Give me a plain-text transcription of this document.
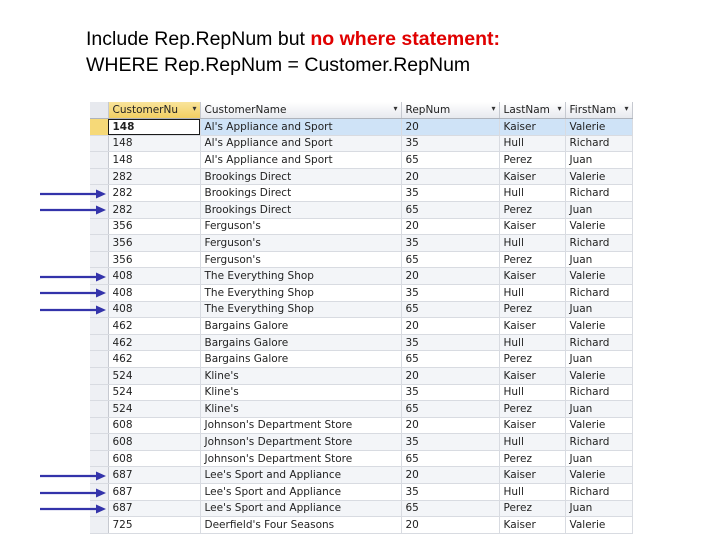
Include Rep.RepNum but no where statement:
WHERE Rep.RepNum = Customer.RepNum
	CustomerNu ▾	CustomerName ▾	RepNum ▾	LastNam ▾	FirstNam ▾

	148	Al's Appliance and Sport	20	Kaiser	Valerie
	148	Al's Appliance and Sport	35	Hull	Richard
	148	Al's Appliance and Sport	65	Perez	Juan
	282	Brookings Direct	20	Kaiser	Valerie
	282	Brookings Direct	35	Hull	Richard
	282	Brookings Direct	65	Perez	Juan
	356	Ferguson's	20	Kaiser	Valerie
	356	Ferguson's	35	Hull	Richard
	356	Ferguson's	65	Perez	Juan
	408	The Everything Shop	20	Kaiser	Valerie
	408	The Everything Shop	35	Hull	Richard
	408	The Everything Shop	65	Perez	Juan
	462	Bargains Galore	20	Kaiser	Valerie
	462	Bargains Galore	35	Hull	Richard
	462	Bargains Galore	65	Perez	Juan
	524	Kline's	20	Kaiser	Valerie
	524	Kline's	35	Hull	Richard
	524	Kline's	65	Perez	Juan
	608	Johnson's Department Store	20	Kaiser	Valerie
	608	Johnson's Department Store	35	Hull	Richard
	608	Johnson's Department Store	65	Perez	Juan
	687	Lee's Sport and Appliance	20	Kaiser	Valerie
	687	Lee's Sport and Appliance	35	Hull	Richard
	687	Lee's Sport and Appliance	65	Perez	Juan
	725	Deerfield's Four Seasons	20	Kaiser	Valerie
